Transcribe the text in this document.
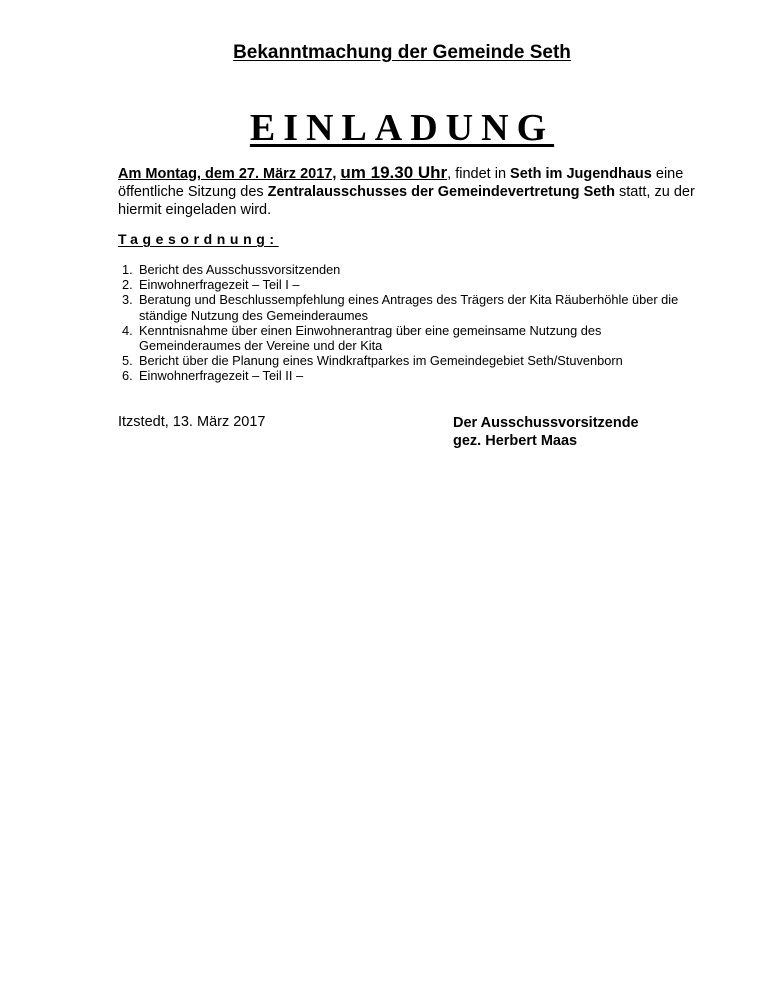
Bekanntmachung der Gemeinde Seth
EINLADUNG
Am Montag, dem 27. März 2017, um 19.30 Uhr, findet in Seth im Jugendhaus eine öffentliche Sitzung des Zentralausschusses der Gemeindevertretung Seth statt, zu der hiermit eingeladen wird.
Tagesordnung:
1. Bericht des Ausschussvorsitzenden
2. Einwohnerfragezeit – Teil I –
3. Beratung und Beschlussempfehlung eines Antrages des Trägers der Kita Räuberhöhle über die ständige Nutzung des Gemeinderaumes
4. Kenntnisnahme über einen Einwohnerantrag über eine gemeinsame Nutzung des Gemeinderaumes der Vereine und der Kita
5. Bericht über die Planung eines Windkraftparkes im Gemeindegebiet Seth/Stuvenborn
6. Einwohnerfragezeit – Teil II –
Itzstedt, 13. März 2017	Der Ausschussvorsitzende
gez. Herbert Maas
